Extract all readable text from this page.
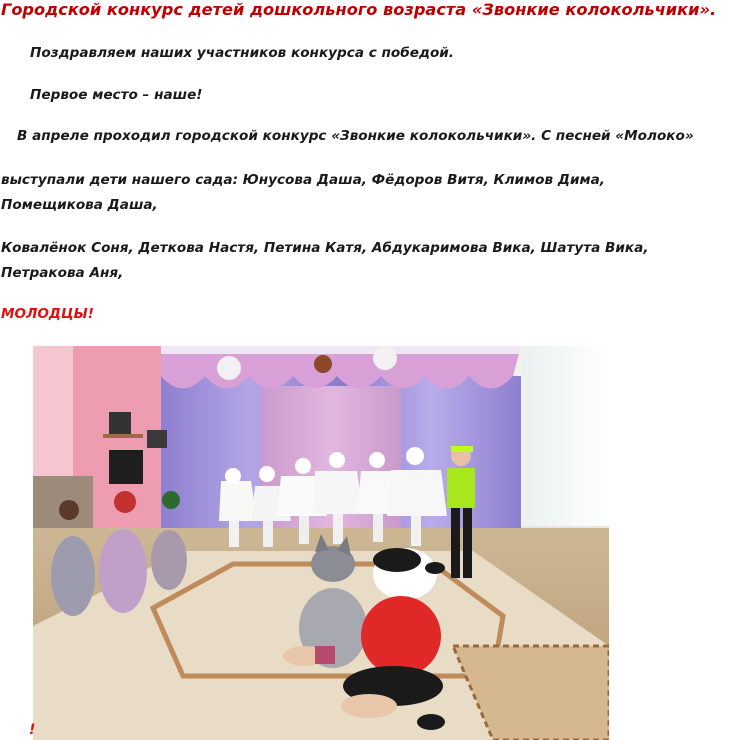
Городской конкурс детей дошкольного возраста «Звонкие колокольчики».
Поздравляем наших участников конкурса с победой.
Первое место – наше!
В апреле проходил городской конкурс «Звонкие колокольчики». С песней «Молоко»
выступали дети нашего сада: Юнусова Даша, Фёдоров Витя, Климов Дима,
Помещикова Даша,
Ковалёнок Соня, Деткова Настя, Петина Катя, Абдукаримова Вика, Шатута Вика,
Петракова Аня,
МОЛОДЦЫ!
!
